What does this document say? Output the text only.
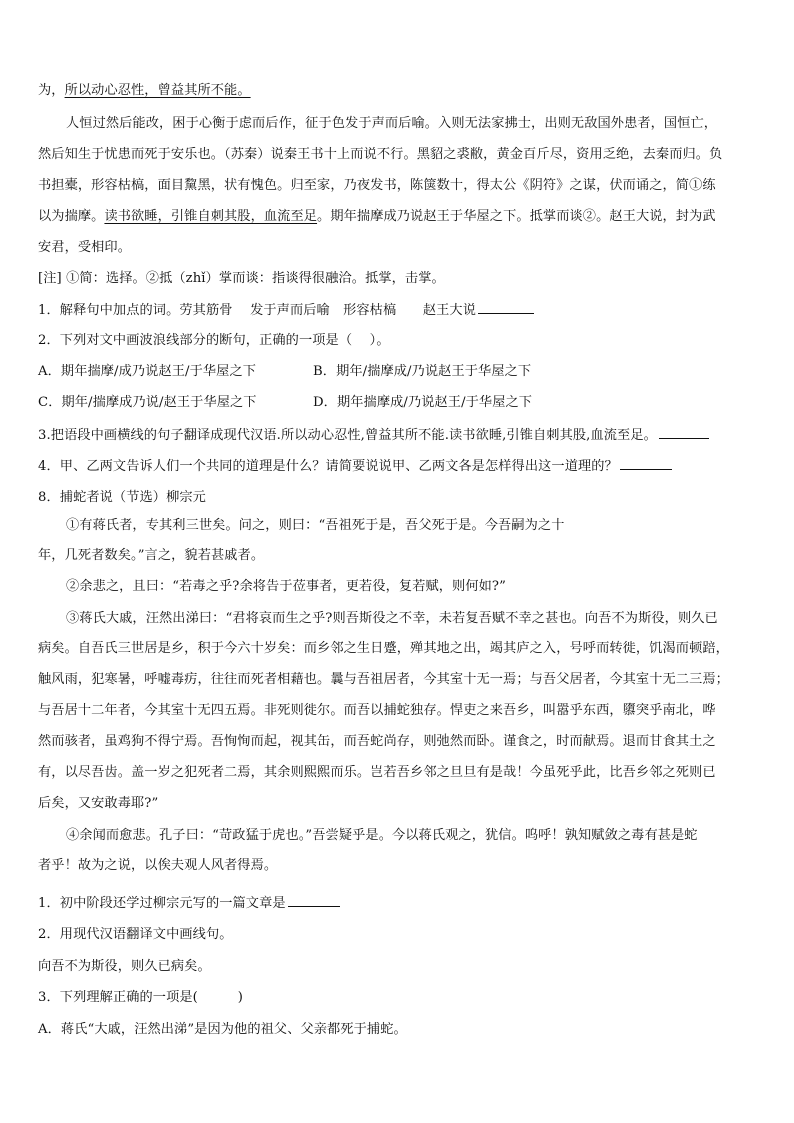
为，所以动心忍性，曾益其所不能。
人恒过然后能改，困于心衡于虑而后作，征于色发于声而后喻。入则无法家拂士，出则无敌国外患者，国恒亡，
然后知生于忧患而死于安乐也。（苏秦）说秦王书十上而说不行。黑貂之裘敝，黄金百斤尽，资用乏绝，去秦而归。负
书担橐，形容枯槁，面目黧黑，状有愧色。归至家，乃夜发书，陈箧数十，得太公《阴符》之谋，伏而诵之，简①练
以为揣摩。读书欲睡，引锥自刺其股，血流至足。期年揣摩成乃说赵王于华屋之下。抵掌而谈②。赵王大说，封为武
安君，受相印。
[注] ①简：选择。②抵（zhǐ）掌而谈：指谈得很融洽。抵掌，击掌。
1．解释句中加点的词。劳其筋骨　 发于声而后喻　形容枯槁　　赵王大说
2．下列对文中画波浪线部分的断句，正确的一项是（　 ）。
A．期年揣摩/成乃说赵王/于华屋之下	B．期年/揣摩成/乃说赵王于华屋之下
C．期年/揣摩成乃说/赵王于华屋之下	D．期年揣摩成/乃说赵王/于华屋之下
3.把语段中画横线的句子翻译成现代汉语.所以动心忍性,曾益其所不能.读书欲睡,引锥自刺其股,血流至足。
4．甲、乙两文告诉人们一个共同的道理是什么？请简要说说甲、乙两文各是怎样得出这一道理的？
8．捕蛇者说（节选）柳宗元
①有蒋氏者，专其利三世矣。问之，则曰：“吾祖死于是，吾父死于是。今吾嗣为之十
年，几死者数矣。”言之，貌若甚戚者。
②余悲之，且曰：“若毒之乎?余将告于莅事者，更若役，复若赋，则何如?”
③蒋氏大戚，汪然出涕曰：“君将哀而生之乎?则吾斯役之不幸，未若复吾赋不幸之甚也。向吾不为斯役，则久已
病矣。自吾氏三世居是乡，积于今六十岁矣：而乡邻之生日蹙，殚其地之出，竭其庐之入，号呼而转徙，饥渴而顿踣，
触风雨，犯寒暑，呼嘘毒疠，往往而死者相藉也。曩与吾祖居者，今其室十无一焉；与吾父居者，今其室十无二三焉；
与吾居十二年者，今其室十无四五焉。非死则徙尔。而吾以捕蛇独存。悍吏之来吾乡，叫嚣乎东西，隳突乎南北，哗
然而骇者，虽鸡狗不得宁焉。吾恂恂而起，视其缶，而吾蛇尚存，则弛然而卧。谨食之，时而献焉。退而甘食其土之
有，以尽吾齿。盖一岁之犯死者二焉，其余则熙熙而乐。岂若吾乡邻之旦旦有是哉！今虽死乎此，比吾乡邻之死则已
后矣，又安敢毒耶?”
④余闻而愈悲。孔子曰：“苛政猛于虎也。”吾尝疑乎是。今以蒋氏观之，犹信。呜呼！孰知赋敛之毒有甚是蛇
者乎！故为之说，以俟夫观人风者得焉。
1．初中阶段还学过柳宗元写的一篇文章是
2．用现代汉语翻译文中画线句。
向吾不为斯役，则久已病矣。
3．下列理解正确的一项是(　　　)
A．蒋氏“大戚，汪然出涕”是因为他的祖父、父亲都死于捕蛇。
